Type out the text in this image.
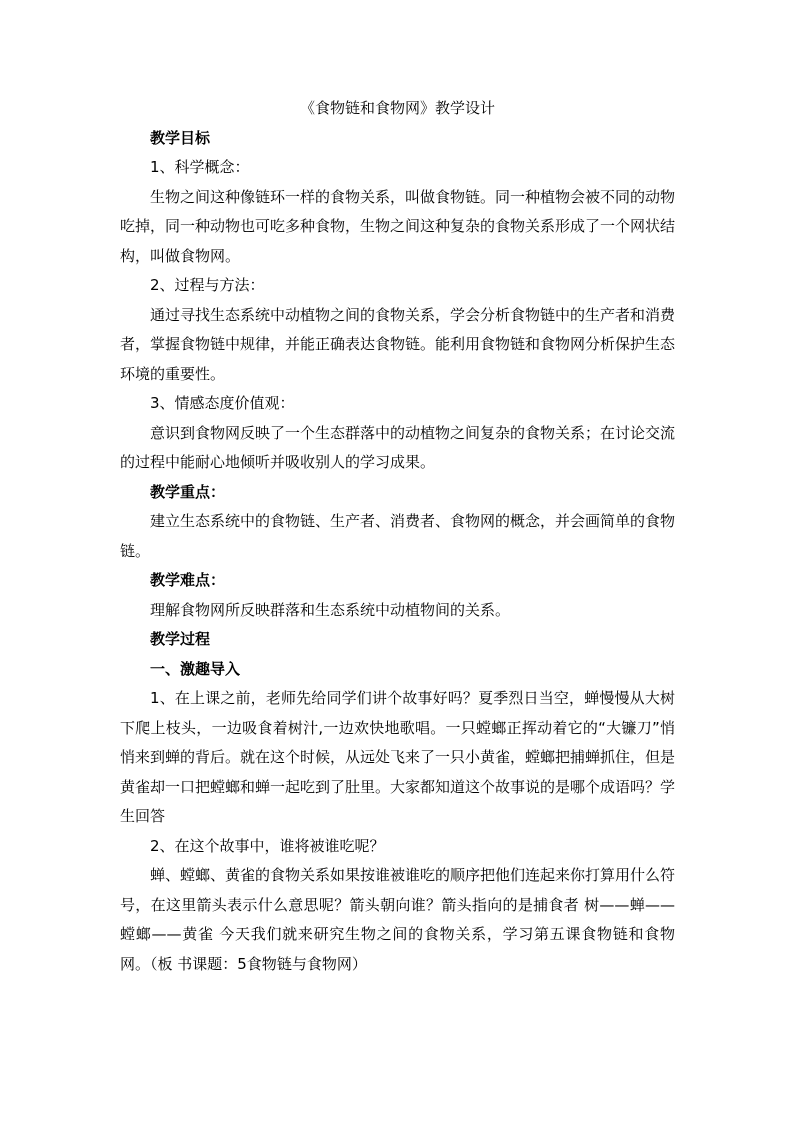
《食物链和食物网》教学设计

教学目标

1、科学概念：

生物之间这种像链环一样的食物关系，叫做食物链。同一种植物会被不同的动物吃掉，同一种动物也可吃多种食物，生物之间这种复杂的食物关系形成了一个网状结构，叫做食物网。

2、过程与方法：

通过寻找生态系统中动植物之间的食物关系，学会分析食物链中的生产者和消费者，掌握食物链中规律，并能正确表达食物链。能利用食物链和食物网分析保护生态环境的重要性。

3、情感态度价值观：

意识到食物网反映了一个生态群落中的动植物之间复杂的食物关系；在讨论交流的过程中能耐心地倾听并吸收别人的学习成果。

教学重点：

建立生态系统中的食物链、生产者、消费者、食物网的概念，并会画简单的食物链。

教学难点：

理解食物网所反映群落和生态系统中动植物间的关系。

教学过程

一、激趣导入

1、在上课之前，老师先给同学们讲个故事好吗？夏季烈日当空，蝉慢慢从大树下爬上枝头，一边吸食着树汁,一边欢快地歌唱。一只螳螂正挥动着它的“大镰刀”悄悄来到蝉的背后。就在这个时候，从远处飞来了一只小黄雀，螳螂把捕蝉抓住，但是黄雀却一口把螳螂和蝉一起吃到了肚里。大家都知道这个故事说的是哪个成语吗？学生回答

2、在这个故事中，谁将被谁吃呢？

蝉、螳螂、黄雀的食物关系如果按谁被谁吃的顺序把他们连起来你打算用什么符号，在这里箭头表示什么意思呢？箭头朝向谁？箭头指向的是捕食者 树——蝉——螳螂——黄雀 今天我们就来研究生物之间的食物关系，学习第五课食物链和食物网。（板 书课题：5食物链与食物网）
